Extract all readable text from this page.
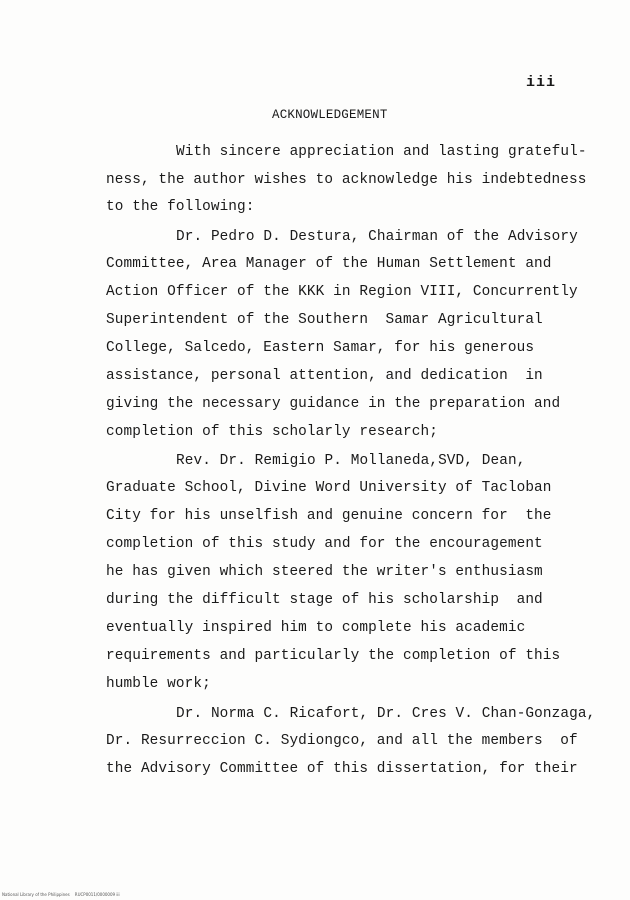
iii
ACKNOWLEDGEMENT
With sincere appreciation and lasting grateful-
ness, the author wishes to acknowledge his indebtedness
to the following:
Dr. Pedro D. Destura, Chairman of the Advisory
Committee, Area Manager of the Human Settlement and
Action Officer of the KKK in Region VIII, Concurrently
Superintendent of the Southern  Samar Agricultural
College, Salcedo, Eastern Samar, for his generous
assistance, personal attention, and dedication  in
giving the necessary guidance in the preparation and
completion of this scholarly research;
Rev. Dr. Remigio P. Mollaneda,SVD, Dean,
Graduate School, Divine Word University of Tacloban
City for his unselfish and genuine concern for  the
completion of this study and for the encouragement
he has given which steered the writer's enthusiasm
during the difficult stage of his scholarship  and
eventually inspired him to complete his academic
requirements and particularly the completion of this
humble work;
Dr. Norma C. Ricafort, Dr. Cres V. Chan-Gonzaga,
Dr. Resurreccion C. Sydiongco, and all the members  of
the Advisory Committee of this dissertation, for their
National Library of the Philippines    RUCP0011/0000009 iii
